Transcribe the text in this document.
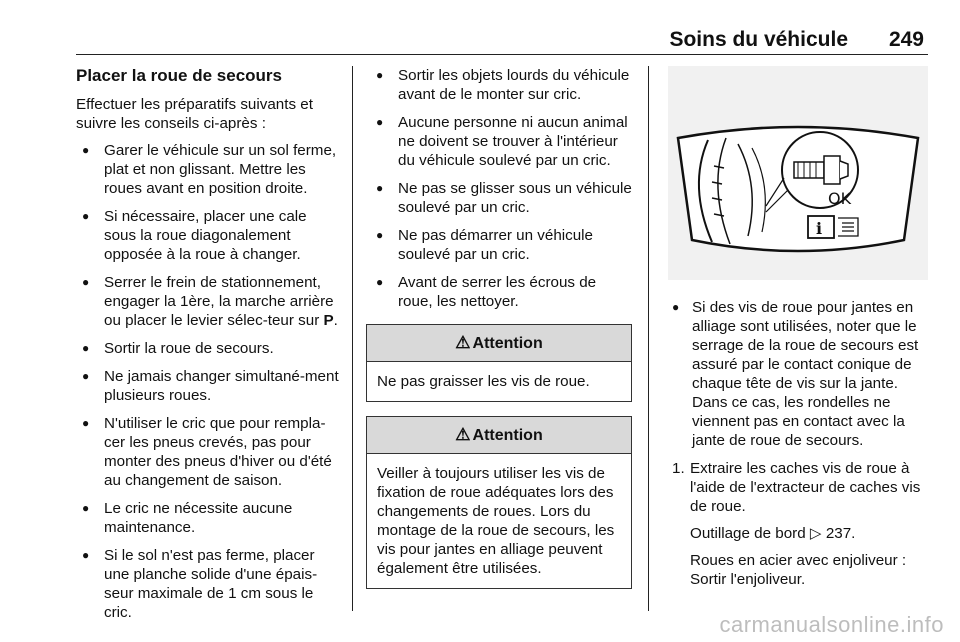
Soins du véhicule 249
Placer la roue de secours

Effectuer les préparatifs suivants et suivre les conseils ci-après :

● Garer le véhicule sur un sol ferme, plat et non glissant. Mettre les roues avant en position droite.
● Si nécessaire, placer une cale sous la roue diagonalement opposée à la roue à changer.
● Serrer le frein de stationnement, engager la 1ère, la marche arrière ou placer le levier sélec-teur sur P.
● Sortir la roue de secours.
● Ne jamais changer simultané-ment plusieurs roues.
● N'utiliser le cric que pour rempla-cer les pneus crevés, pas pour monter des pneus d'hiver ou d'été au changement de saison.
● Le cric ne nécessite aucune maintenance.
● Si le sol n'est pas ferme, placer une planche solide d'une épais-seur maximale de 1 cm sous le cric.
● Sortir les objets lourds du véhicule avant de le monter sur cric.
● Aucune personne ni aucun animal ne doivent se trouver à l'intérieur du véhicule soulevé par un cric.
● Ne pas se glisser sous un véhicule soulevé par un cric.
● Ne pas démarrer un véhicule soulevé par un cric.
● Avant de serrer les écrous de roue, les nettoyer.
⚠ Attention
Ne pas graisser les vis de roue.
⚠ Attention
Veiller à toujours utiliser les vis de fixation de roue adéquates lors des changements de roues. Lors du montage de la roue de secours, les vis pour jantes en alliage peuvent également être utilisées.
OK
i
● Si des vis de roue pour jantes en alliage sont utilisées, noter que le serrage de la roue de secours est assuré par le contact conique de chaque tête de vis sur la jante. Dans ce cas, les rondelles ne viennent pas en contact avec la jante de roue de secours.
1. Extraire les caches vis de roue à l'aide de l'extracteur de caches vis de roue.
Outillage de bord ▷ 237.
Roues en acier avec enjoliveur : Sortir l'enjoliveur.
carmanualsonline.info
